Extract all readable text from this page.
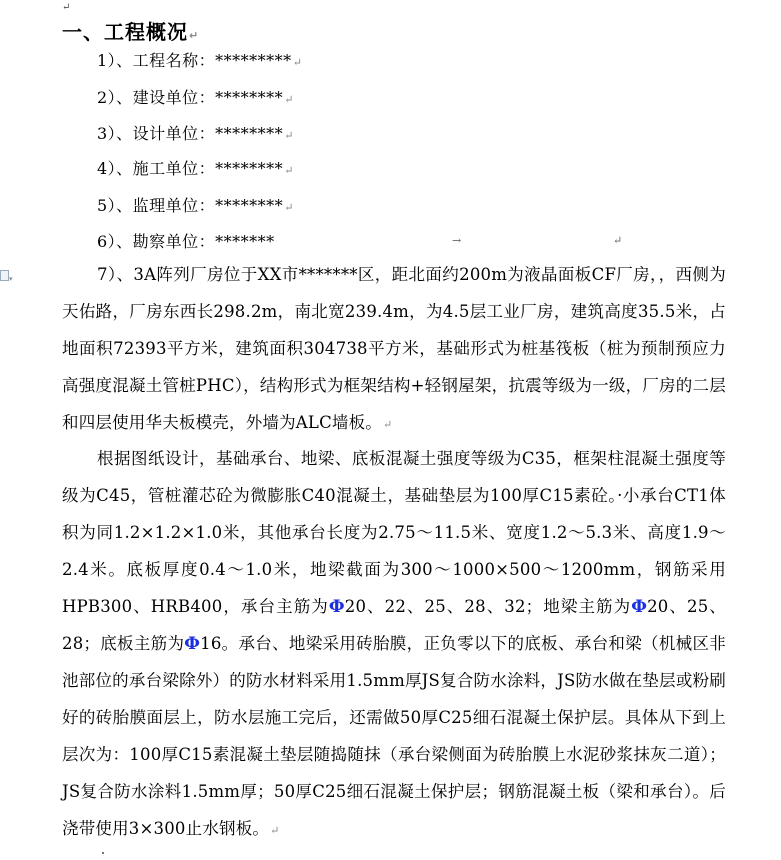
↵
一、工程概况↵
1）、工程名称：*********↵
2）、建设单位：********↵
3）、设计单位：********↵
4）、施工单位：********↵
5）、监理单位：********↵
6）、勘察单位：*******	→	↵
▾	7）、3A阵列厂房位于XX市*******区，距北面约200m为液晶面板CF厂房，，西侧为天佑路，厂房东西长298.2m，南北宽239.4m，为4.5层工业厂房，建筑高度35.5米，占地面积72393平方米，建筑面积304738平方米，基础形式为桩基筏板（桩为预制预应力高强度混凝土管桩PHC），结构形式为框架结构+轻钢屋架，抗震等级为一级，厂房的二层和四层使用华夫板模壳，外墙为ALC墙板。↵
根据图纸设计，基础承台、地梁、底板混凝土强度等级为C35，框架柱混凝土强度等级为C45，管桩灌芯砼为微膨胀C40混凝土，基础垫层为100厚C15素砼。·小承台CT1体积为同1.2×1.2×1.0米，其他承台长度为2.75～11.5米、宽度1.2～5.3米、高度1.9～2.4米。底板厚度0.4～1.0米，地梁截面为300～1000×500～1200mm，钢筋采用HPB300、HRB400，承台主筋为Ф20、22、25、28、32；地梁主筋为Ф20、25、28；底板主筋为Ф16。承台、地梁采用砖胎膜，正负零以下的底板、承台和梁（机械区非池部位的承台梁除外）的防水材料采用1.5mm厚JS复合防水涂料，JS防水做在垫层或粉刷好的砖胎膜面层上，防水层施工完后，还需做50厚C25细石混凝土保护层。具体从下到上层次为：100厚C15素混凝土垫层随捣随抹（承台梁侧面为砖胎膜上水泥砂浆抹灰二道）；JS复合防水涂料1.5mm厚；50厚C25细石混凝土保护层；钢筋混凝土板（梁和承台）。后浇带使用3×300止水钢板。↵
